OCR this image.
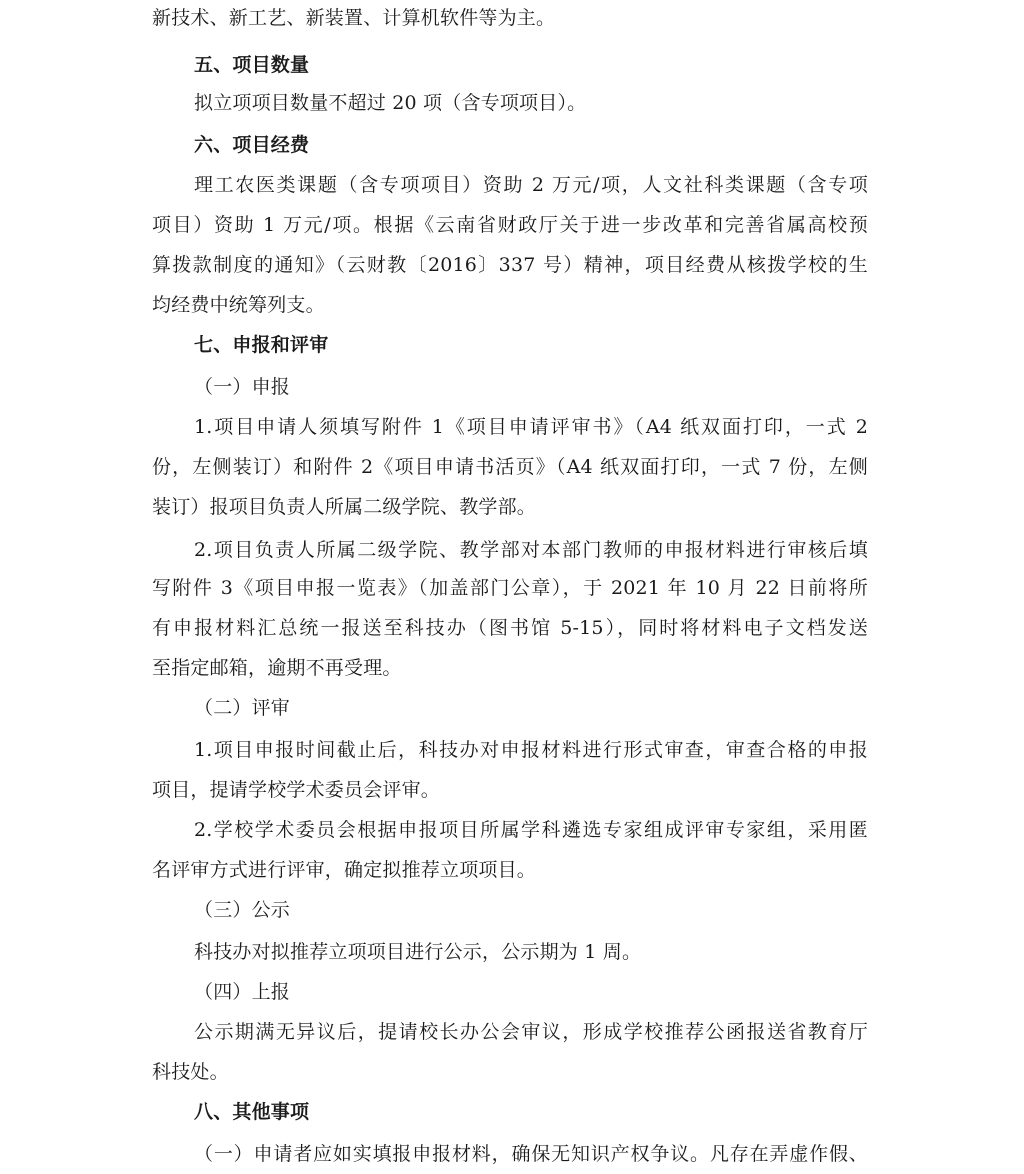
新技术、新工艺、新装置、计算机软件等为主。
五、项目数量
拟立项项目数量不超过 20 项（含专项项目）。
六、项目经费
理工农医类课题（含专项项目）资助 2 万元/项，人文社科类课题（含专项
项目）资助 1 万元/项。根据《云南省财政厅关于进一步改革和完善省属高校预
算拨款制度的通知》（云财教〔2016〕337 号）精神，项目经费从核拨学校的生
均经费中统筹列支。
七、申报和评审
（一）申报
1.项目申请人须填写附件 1《项目申请评审书》（A4 纸双面打印，一式 2
份，左侧装订）和附件 2《项目申请书活页》（A4 纸双面打印，一式 7 份，左侧
装订）报项目负责人所属二级学院、教学部。
2.项目负责人所属二级学院、教学部对本部门教师的申报材料进行审核后填
写附件 3《项目申报一览表》（加盖部门公章），于 2021 年 10 月 22 日前将所
有申报材料汇总统一报送至科技办（图书馆 5-15），同时将材料电子文档发送
至指定邮箱，逾期不再受理。
（二）评审
1.项目申报时间截止后，科技办对申报材料进行形式审查，审查合格的申报
项目，提请学校学术委员会评审。
2.学校学术委员会根据申报项目所属学科遴选专家组成评审专家组，采用匿
名评审方式进行评审，确定拟推荐立项项目。
（三）公示
科技办对拟推荐立项项目进行公示，公示期为 1 周。
（四）上报
公示期满无异议后，提请校长办公会审议，形成学校推荐公函报送省教育厅
科技处。
八、其他事项
（一）申请者应如实填报申报材料，确保无知识产权争议。凡存在弄虚作假、
